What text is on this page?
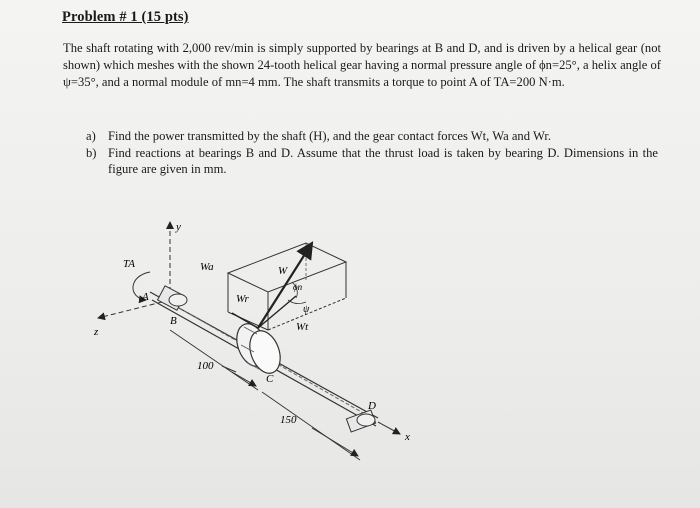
Problem # 1 (15 pts)

The shaft rotating with 2,000 rev/min is simply supported by bearings at B and D, and is driven by a helical gear (not shown) which meshes with the shown 24-tooth helical gear having a normal pressure angle of ϕn=25°, a helix angle of ψ=35°, and a normal module of mn=4 mm. The shaft transmits a torque to point A of TA=200 N·m.

a) Find the power transmitted by the shaft (H), and the gear contact forces Wt, Wa and Wr.
b) Find reactions at bearings B and D. Assume that the thrust load is taken by bearing D. Dimensions in the figure are given in mm.
y
z
x
TA
A
B
C
Wa
Wr
W
Wt
ϕn
ψ
D
100
150
